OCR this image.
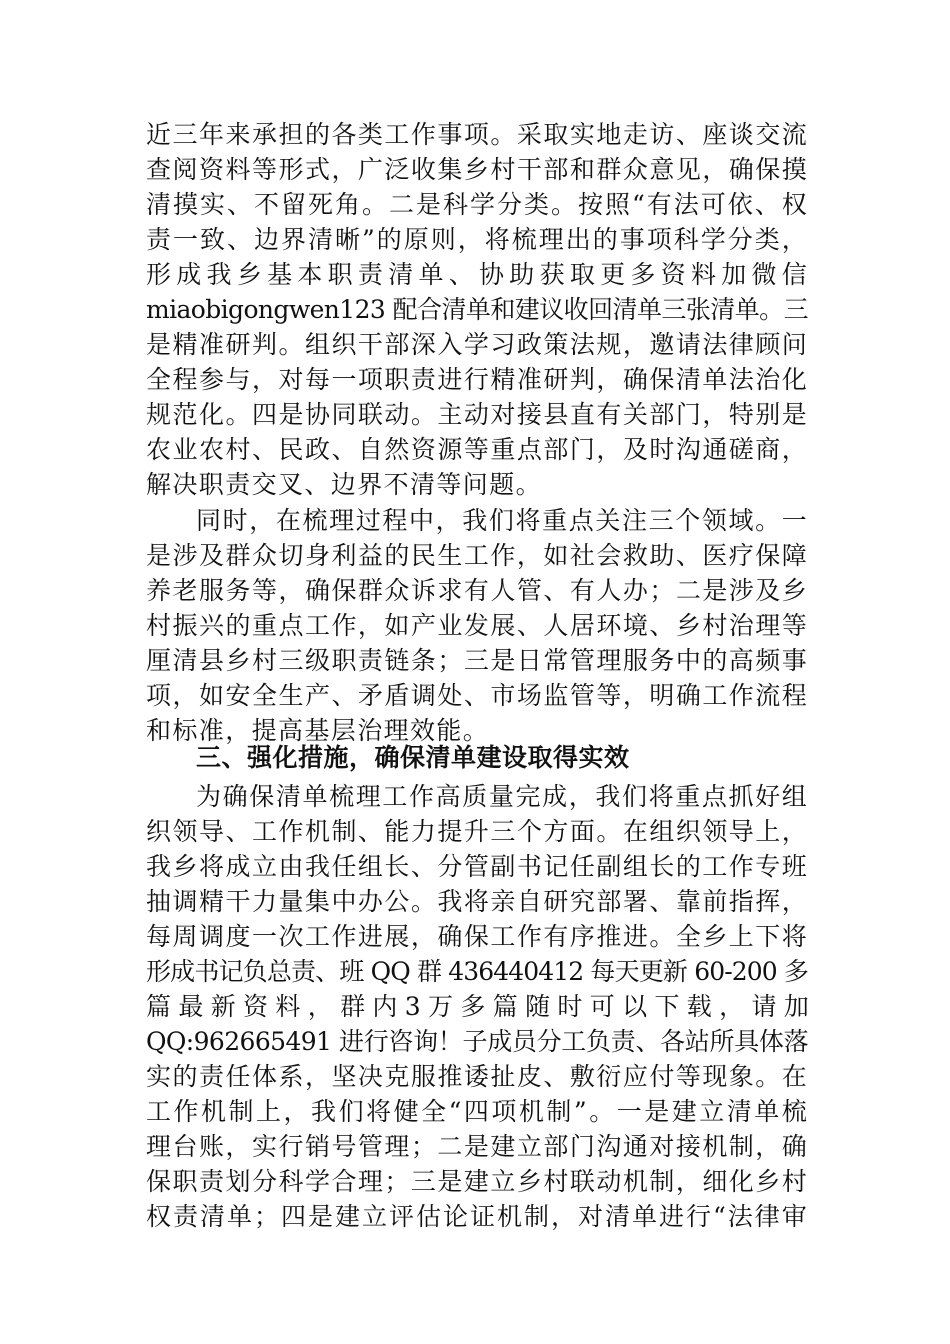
近三年来承担的各类工作事项。采取实地走访、座谈交流
查阅资料等形式，广泛收集乡村干部和群众意见，确保摸
清摸实、不留死角。二是科学分类。按照“有法可依、权
责一致、边界清晰”的原则，将梳理出的事项科学分类，
形成我乡基本职责清单、协助获取更多资料加微信
miaobigongwen123 配合清单和建议收回清单三张清单。三
是精准研判。组织干部深入学习政策法规，邀请法律顾问
全程参与，对每一项职责进行精准研判，确保清单法治化
规范化。四是协同联动。主动对接县直有关部门，特别是
农业农村、民政、自然资源等重点部门，及时沟通磋商，
解决职责交叉、边界不清等问题。
同时，在梳理过程中，我们将重点关注三个领域。一
是涉及群众切身利益的民生工作，如社会救助、医疗保障
养老服务等，确保群众诉求有人管、有人办；二是涉及乡
村振兴的重点工作，如产业发展、人居环境、乡村治理等
厘清县乡村三级职责链条；三是日常管理服务中的高频事
项，如安全生产、矛盾调处、市场监管等，明确工作流程
和标准，提高基层治理效能。
三、强化措施，确保清单建设取得实效
为确保清单梳理工作高质量完成，我们将重点抓好组
织领导、工作机制、能力提升三个方面。在组织领导上，
我乡将成立由我任组长、分管副书记任副组长的工作专班
抽调精干力量集中办公。我将亲自研究部署、靠前指挥，
每周调度一次工作进展，确保工作有序推进。全乡上下将
形成书记负总责、班 QQ 群 436440412 每天更新 60-200 多
篇 最 新 资 料 ， 群 内 3 万 多 篇 随 时 可 以 下 载 ， 请 加
QQ:962665491 进行咨询！子成员分工负责、各站所具体落
实的责任体系，坚决克服推诿扯皮、敷衍应付等现象。在
工作机制上，我们将健全“四项机制”。一是建立清单梳
理台账，实行销号管理；二是建立部门沟通对接机制，确
保职责划分科学合理；三是建立乡村联动机制，细化乡村
权责清单；四是建立评估论证机制，对清单进行“法律审
